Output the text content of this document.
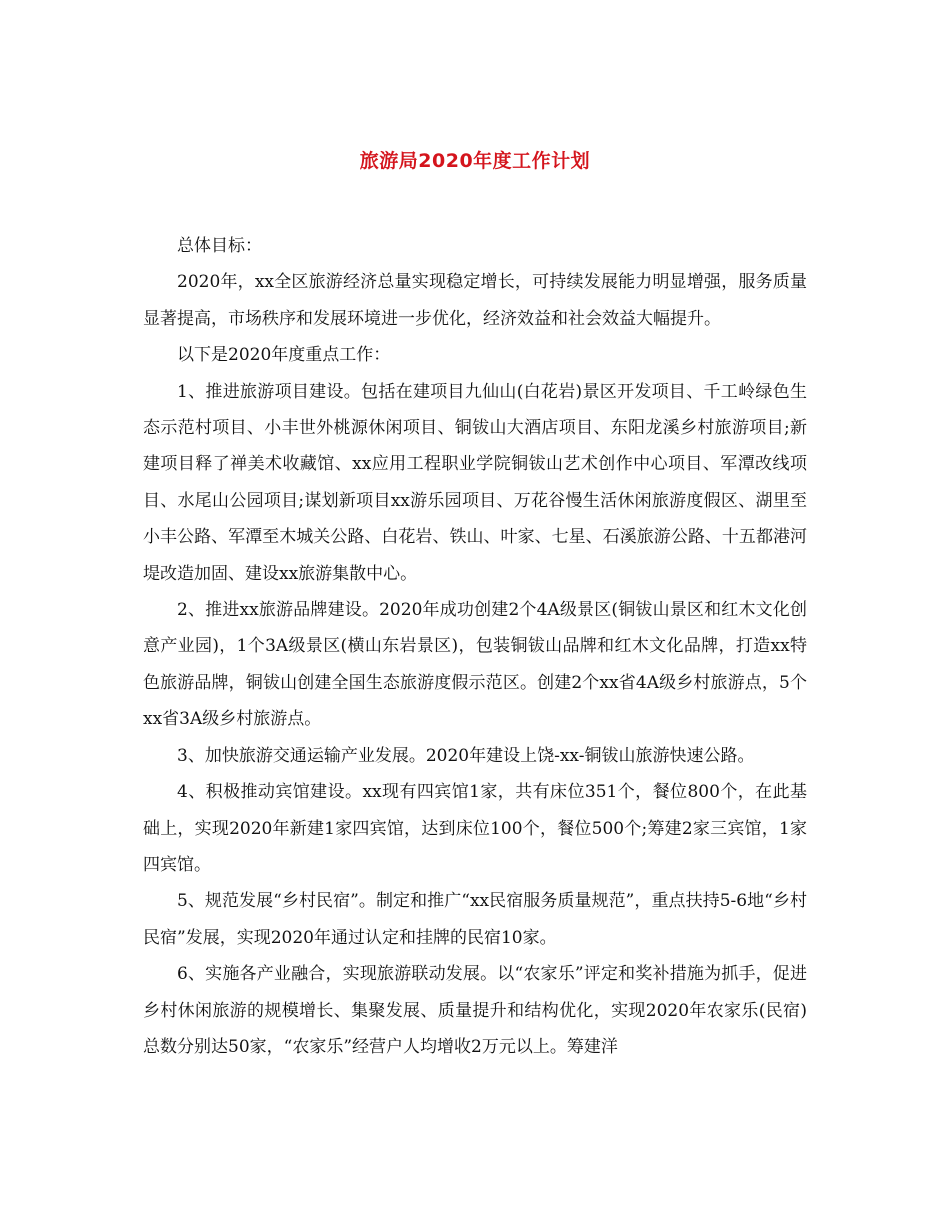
旅游局2020年度工作计划

总体目标：

2020年，xx全区旅游经济总量实现稳定增长，可持续发展能力明显增强，服务质量显著提高，市场秩序和发展环境进一步优化，经济效益和社会效益大幅提升。

以下是2020年度重点工作：

1、推进旅游项目建设。包括在建项目九仙山(白花岩)景区开发项目、千工岭绿色生态示范村项目、小丰世外桃源休闲项目、铜钹山大酒店项目、东阳龙溪乡村旅游项目;新建项目释了禅美术收藏馆、xx应用工程职业学院铜钹山艺术创作中心项目、军潭改线项目、水尾山公园项目;谋划新项目xx游乐园项目、万花谷慢生活休闲旅游度假区、湖里至小丰公路、军潭至木城关公路、白花岩、铁山、叶家、七星、石溪旅游公路、十五都港河堤改造加固、建设xx旅游集散中心。

2、推进xx旅游品牌建设。2020年成功创建2个4A级景区(铜钹山景区和红木文化创意产业园)，1个3A级景区(横山东岩景区)，包装铜钹山品牌和红木文化品牌，打造xx特色旅游品牌，铜钹山创建全国生态旅游度假示范区。创建2个xx省4A级乡村旅游点，5个xx省3A级乡村旅游点。

3、加快旅游交通运输产业发展。2020年建设上饶-xx-铜钹山旅游快速公路。

4、积极推动宾馆建设。xx现有四宾馆1家，共有床位351个，餐位800个，在此基础上，实现2020年新建1家四宾馆，达到床位100个，餐位500个;筹建2家三宾馆，1家四宾馆。

5、规范发展“乡村民宿”。制定和推广“xx民宿服务质量规范”，重点扶持5-6地“乡村民宿”发展，实现2020年通过认定和挂牌的民宿10家。

6、实施各产业融合，实现旅游联动发展。以“农家乐”评定和奖补措施为抓手，促进乡村休闲旅游的规模增长、集聚发展、质量提升和结构优化，实现2020年农家乐(民宿)总数分别达50家，“农家乐”经营户人均增收2万元以上。筹建洋
